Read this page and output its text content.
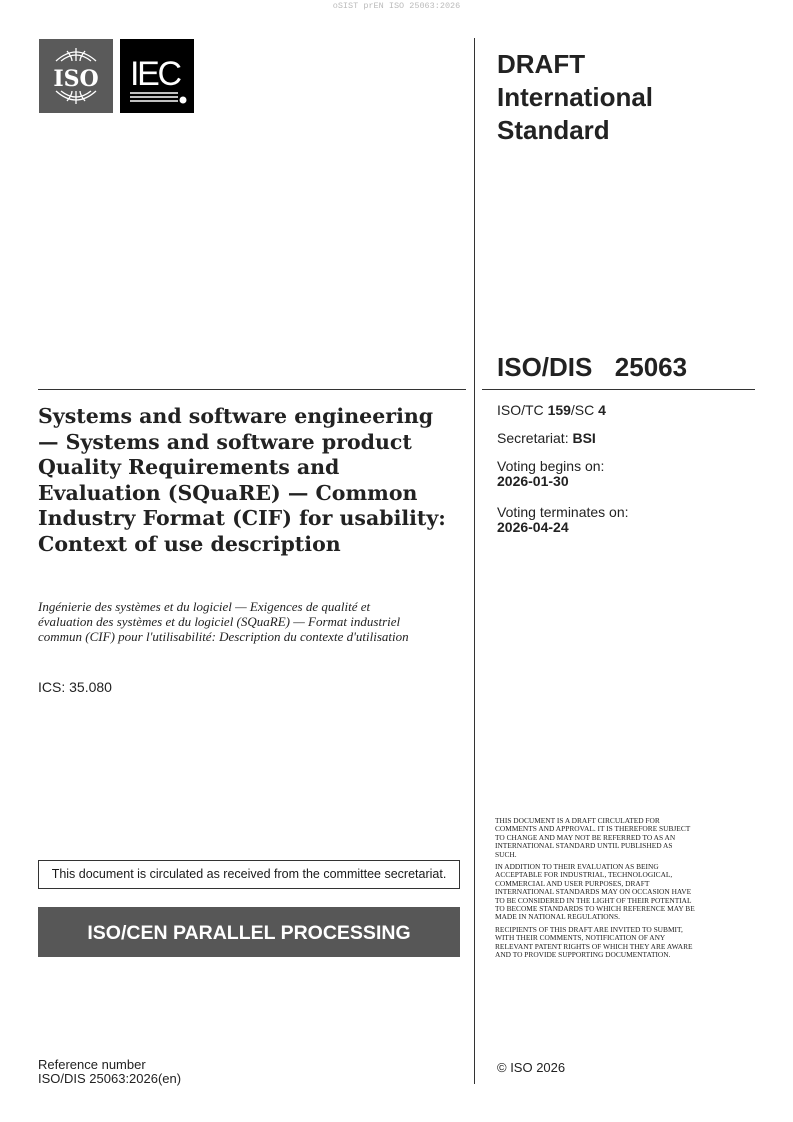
oSIST prEN ISO 25063:2026
ISO IEC	DRAFT
International
Standard
ISO/DIS  25063
ISO/TC 159/SC 4
Secretariat: BSI
Voting begins on:
2026-01-30
Voting terminates on:
2026-04-24
Systems and software engineering — Systems and software product Quality Requirements and Evaluation (SQuaRE) — Common Industry Format (CIF) for usability: Context of use description
Ingénierie des systèmes et du logiciel — Exigences de qualité et évaluation des systèmes et du logiciel (SQuaRE) — Format industriel commun (CIF) pour l'utilisabilité: Description du contexte d'utilisation
ICS: 35.080
This document is circulated as received from the committee secretariat.
ISO/CEN PARALLEL PROCESSING
Reference number
ISO/DIS 25063:2026(en)

THIS DOCUMENT IS A DRAFT CIRCULATED FOR COMMENTS AND APPROVAL. IT IS THEREFORE SUBJECT TO CHANGE AND MAY NOT BE REFERRED TO AS AN INTERNATIONAL STANDARD UNTIL PUBLISHED AS SUCH.

IN ADDITION TO THEIR EVALUATION AS BEING ACCEPTABLE FOR INDUSTRIAL, TECHNOLOGICAL, COMMERCIAL AND USER PURPOSES, DRAFT INTERNATIONAL STANDARDS MAY ON OCCASION HAVE TO BE CONSIDERED IN THE LIGHT OF THEIR POTENTIAL TO BECOME STANDARDS TO WHICH REFERENCE MAY BE MADE IN NATIONAL REGULATIONS.

RECIPIENTS OF THIS DRAFT ARE INVITED TO SUBMIT, WITH THEIR COMMENTS, NOTIFICATION OF ANY RELEVANT PATENT RIGHTS OF WHICH THEY ARE AWARE AND TO PROVIDE SUPPORTING DOCUMENTATION.

© ISO 2026
